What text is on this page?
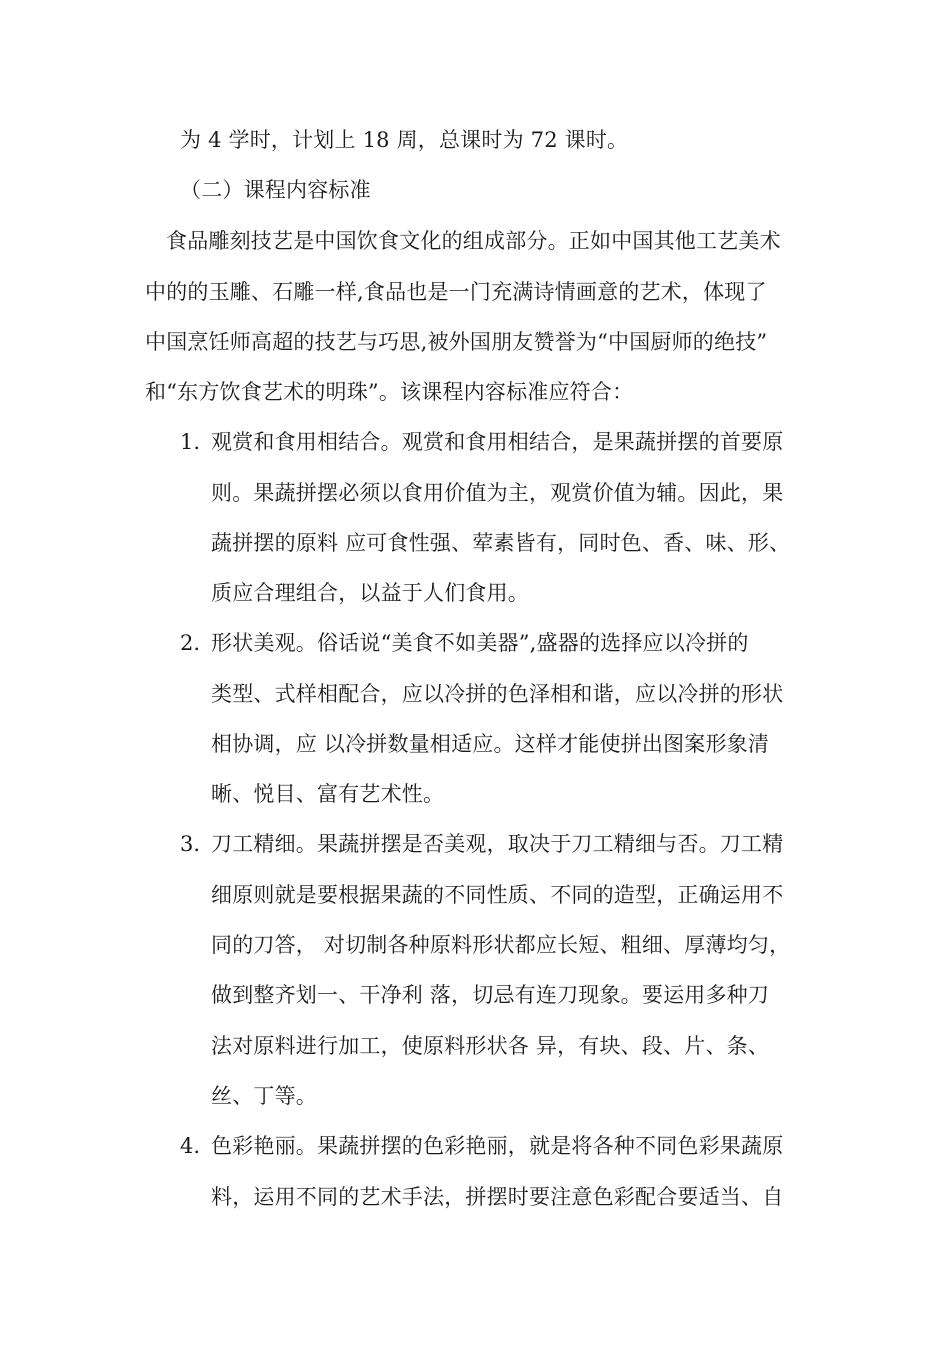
为 4 学时，计划上 18 周，总课时为 72 课时。
（二）课程内容标准
食品雕刻技艺是中国饮食文化的组成部分。正如中国其他工艺美术
中的的玉雕、石雕一样,食品也是一门充满诗情画意的艺术，体现了
中国烹饪师高超的技艺与巧思,被外国朋友赞誉为“中国厨师的绝技”
和“东方饮食艺术的明珠”。该课程内容标准应符合：
1. 观赏和食用相结合。观赏和食用相结合，是果蔬拼摆的首要原
则。果蔬拼摆必须以食用价值为主，观赏价值为辅。因此，果
蔬拼摆的原料 应可食性强、荤素皆有，同时色、香、味、形、
质应合理组合，以益于人们食用。
2. 形状美观。俗话说“美食不如美器”,盛器的选择应以冷拼的
类型、式样相配合，应以冷拼的色泽相和谐，应以冷拼的形状
相协调，应 以冷拼数量相适应。这样才能使拼出图案形象清
晰、悦目、富有艺术性。
3. 刀工精细。果蔬拼摆是否美观，取决于刀工精细与否。刀工精
细原则就是要根据果蔬的不同性质、不同的造型，正确运用不
同的刀答， 对切制各种原料形状都应长短、粗细、厚薄均匀，
做到整齐划一、干净利 落，切忌有连刀现象。要运用多种刀
法对原料进行加工，使原料形状各 异，有块、段、片、条、
丝、丁等。
4. 色彩艳丽。果蔬拼摆的色彩艳丽，就是将各种不同色彩果蔬原
料，运用不同的艺术手法，拼摆时要注意色彩配合要适当、自
